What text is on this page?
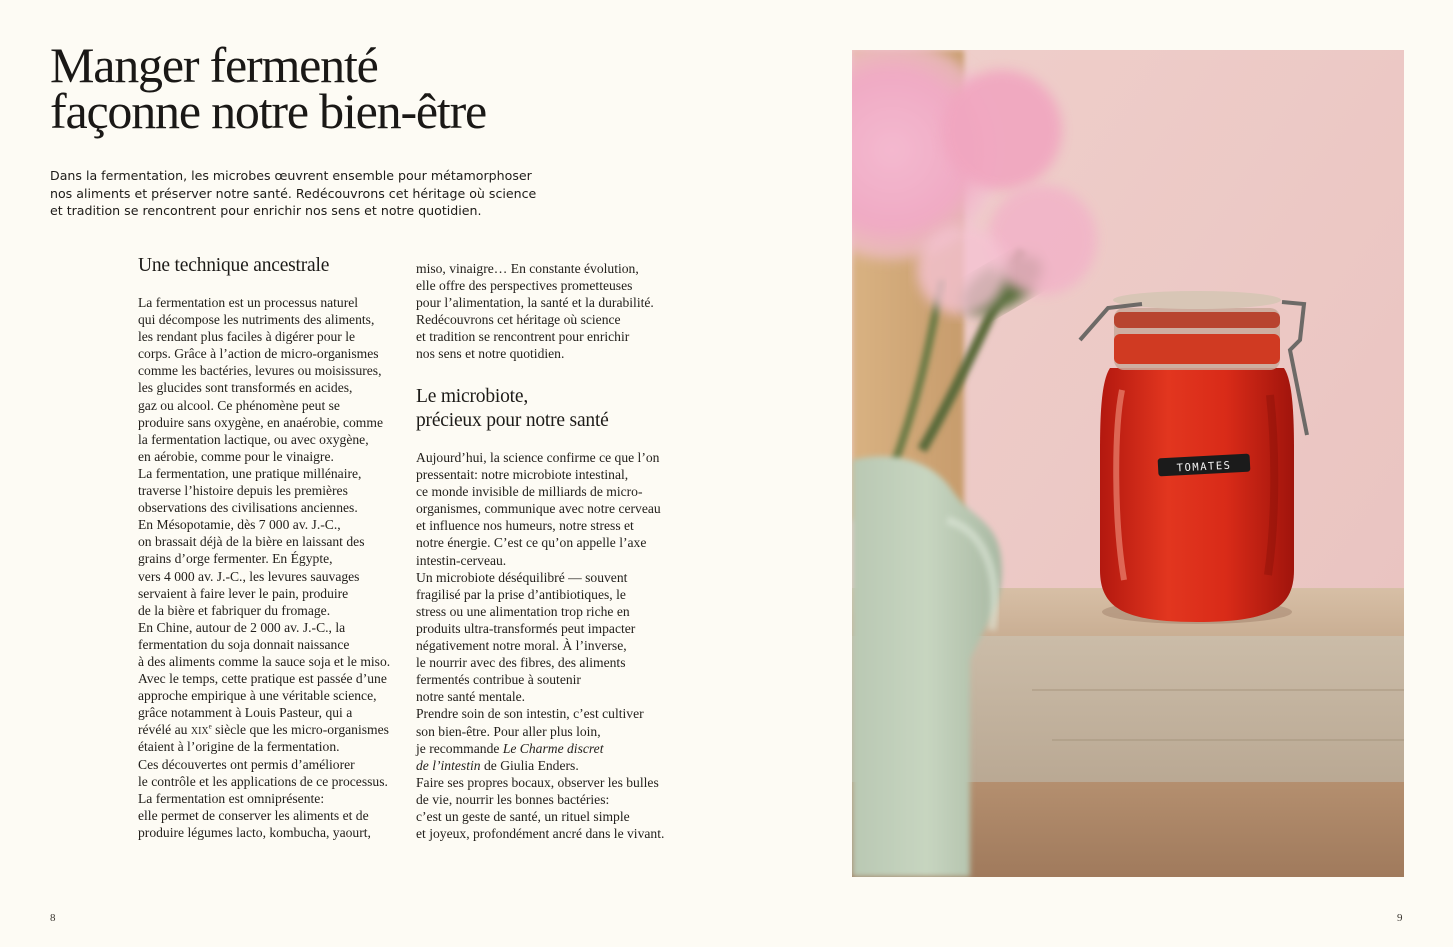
Manger fermenté
façonne notre bien-être

Dans la fermentation, les microbes œuvrent ensemble pour métamorphoser
nos aliments et préserver notre santé. Redécouvrons cet héritage où science
et tradition se rencontrent pour enrichir nos sens et notre quotidien.

Une technique ancestrale
La fermentation est un processus naturel
qui décompose les nutriments des aliments,
les rendant plus faciles à digérer pour le
corps. Grâce à l’action de micro-organismes
comme les bactéries, levures ou moisissures,
les glucides sont transformés en acides,
gaz ou alcool. Ce phénomène peut se
produire sans oxygène, en anaérobie, comme
la fermentation lactique, ou avec oxygène,
en aérobie, comme pour le vinaigre.
La fermentation, une pratique millénaire,
traverse l’histoire depuis les premières
observations des civilisations anciennes.
En Mésopotamie, dès 7 000 av. J.-C.,
on brassait déjà de la bière en laissant des
grains d’orge fermenter. En Égypte,
vers 4 000 av. J.-C., les levures sauvages
servaient à faire lever le pain, produire
de la bière et fabriquer du fromage.
En Chine, autour de 2 000 av. J.-C., la
fermentation du soja donnait naissance
à des aliments comme la sauce soja et le miso.
Avec le temps, cette pratique est passée d’une
approche empirique à une véritable science,
grâce notamment à Louis Pasteur, qui a
révélé au xix$^e$ siècle que les micro-organismes
étaient à l’origine de la fermentation.
Ces découvertes ont permis d’améliorer
le contrôle et les applications de ce processus.
La fermentation est omniprésente:
elle permet de conserver les aliments et de
produire légumes lacto, kombucha, yaourt,
miso, vinaigre… En constante évolution,
elle offre des perspectives prometteuses
pour l’alimentation, la santé et la durabilité.
Redécouvrons cet héritage où science
et tradition se rencontrent pour enrichir
nos sens et notre quotidien.
Le microbiote,
précieux pour notre santé
Aujourd’hui, la science confirme ce que l’on
pressentait: notre microbiote intestinal,
ce monde invisible de milliards de micro-
organismes, communique avec notre cerveau
et influence nos humeurs, notre stress et
notre énergie. C’est ce qu’on appelle l’axe
intestin-cerveau.
Un microbiote déséquilibré — souvent
fragilisé par la prise d’antibiotiques, le
stress ou une alimentation trop riche en
produits ultra-transformés peut impacter
négativement notre moral. À l’inverse,
le nourrir avec des fibres, des aliments
fermentés contribue à soutenir
notre santé mentale.
Prendre soin de son intestin, c’est cultiver
son bien-être. Pour aller plus loin,
je recommande Le Charme discret
de l’intestin de Giulia Enders.
Faire ses propres bocaux, observer les bulles
de vie, nourrir les bonnes bactéries:
c’est un geste de santé, un rituel simple
et joyeux, profondément ancré dans le vivant.
TOMATES
8	9
